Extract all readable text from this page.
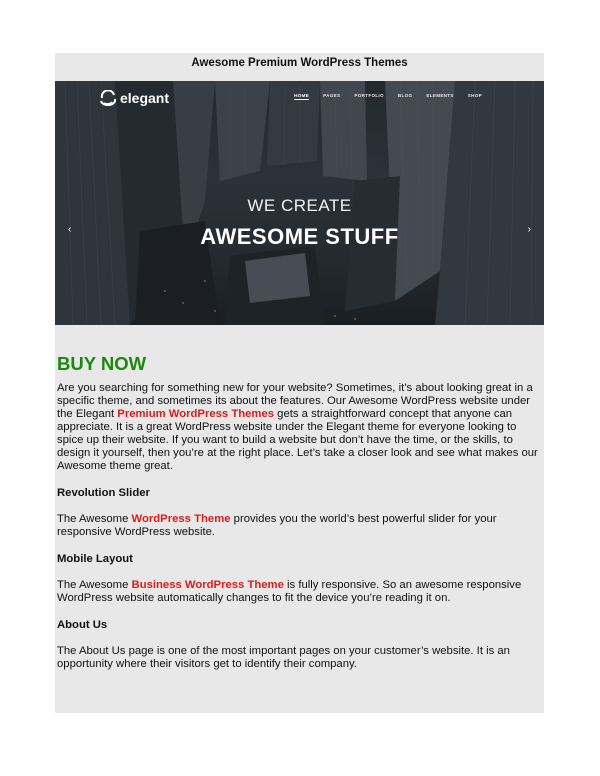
Awesome Premium WordPress Themes
elegant	HOME	PAGES	PORTFOLIO	BLOG	ELEMENTS	SHOP
WE CREATE
AWESOME STUFF
‹	›
BUY NOW

Are you searching for something new for your website? Sometimes, it’s about looking great in a specific theme, and sometimes its about the features. Our Awesome WordPress website under the Elegant Premium WordPress Themes gets a straightforward concept that anyone can appreciate. It is a great WordPress website under the Elegant theme for everyone looking to spice up their website. If you want to build a website but don’t have the time, or the skills, to design it yourself, then you’re at the right place. Let’s take a closer look and see what makes our Awesome theme great.

Revolution Slider

The Awesome WordPress Theme provides you the world’s best powerful slider for your responsive WordPress website.

Mobile Layout

The Awesome Business WordPress Theme is fully responsive. So an awesome responsive WordPress website automatically changes to fit the device you’re reading it on.

About Us

The About Us page is one of the most important pages on your customer’s website. It is an opportunity where their visitors get to identify their company.
